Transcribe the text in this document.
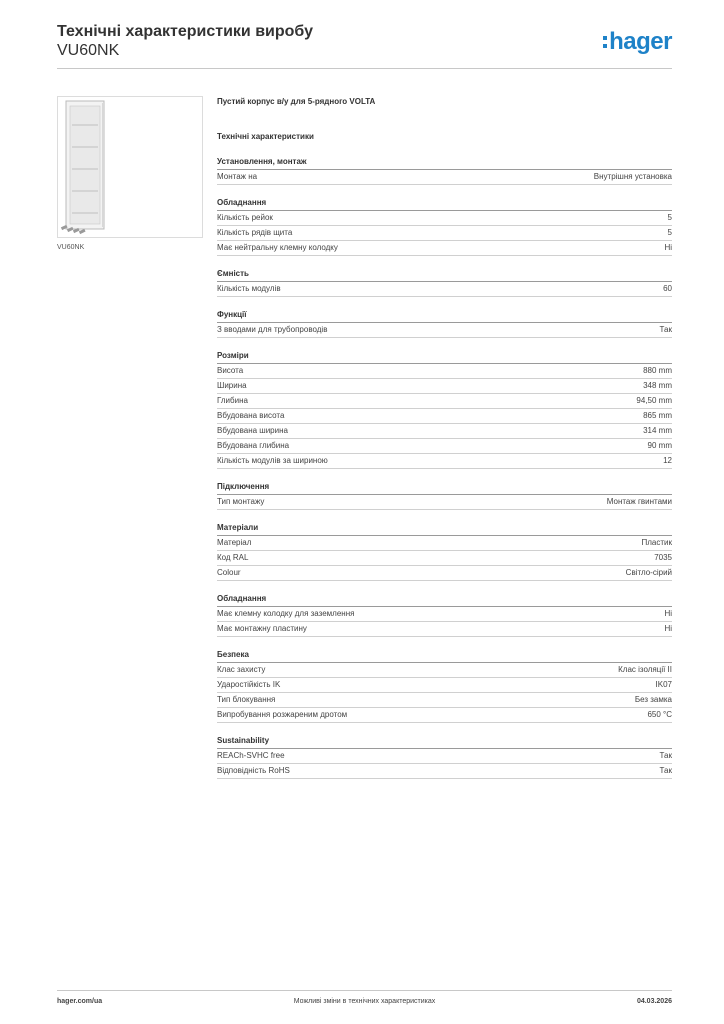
Технічні характеристики виробу

VU60NK	hager
VU60NK
Пустий корпус в/у для 5-рядного VOLTA
Технічні характеристики
Установлення, монтаж
Монтаж на	Внутрішня установка
Обладнання
Кількість рейок	5
Кількість рядів щита	5
Має нейтральну клемну колодку	Ні
Ємність
Кількість модулів	60
Функції
З вводами для трубопроводів	Так
Розміри
Висота	880 mm
Ширина	348 mm
Глибина	94,50 mm
Вбудована висота	865 mm
Вбудована ширина	314 mm
Вбудована глибина	90 mm
Кількість модулів за шириною	12
Підключення
Тип монтажу	Монтаж гвинтами
Матеріали
Матеріал	Пластик
Код RAL	7035
Colour	Світло-сірий
Обладнання
Має клемну колодку для заземлення	Ні
Має монтажну пластину	Ні
Безпека
Клас захисту	Клас ізоляції II
Ударостійкість IK	IK07
Тип блокування	Без замка
Випробування розжареним дротом	650 °C
Sustainability
REACh-SVHC free	Так
Відповідність RoHS	Так
hager.com/ua	Можливі зміни в технічних характеристиках	04.03.2026
